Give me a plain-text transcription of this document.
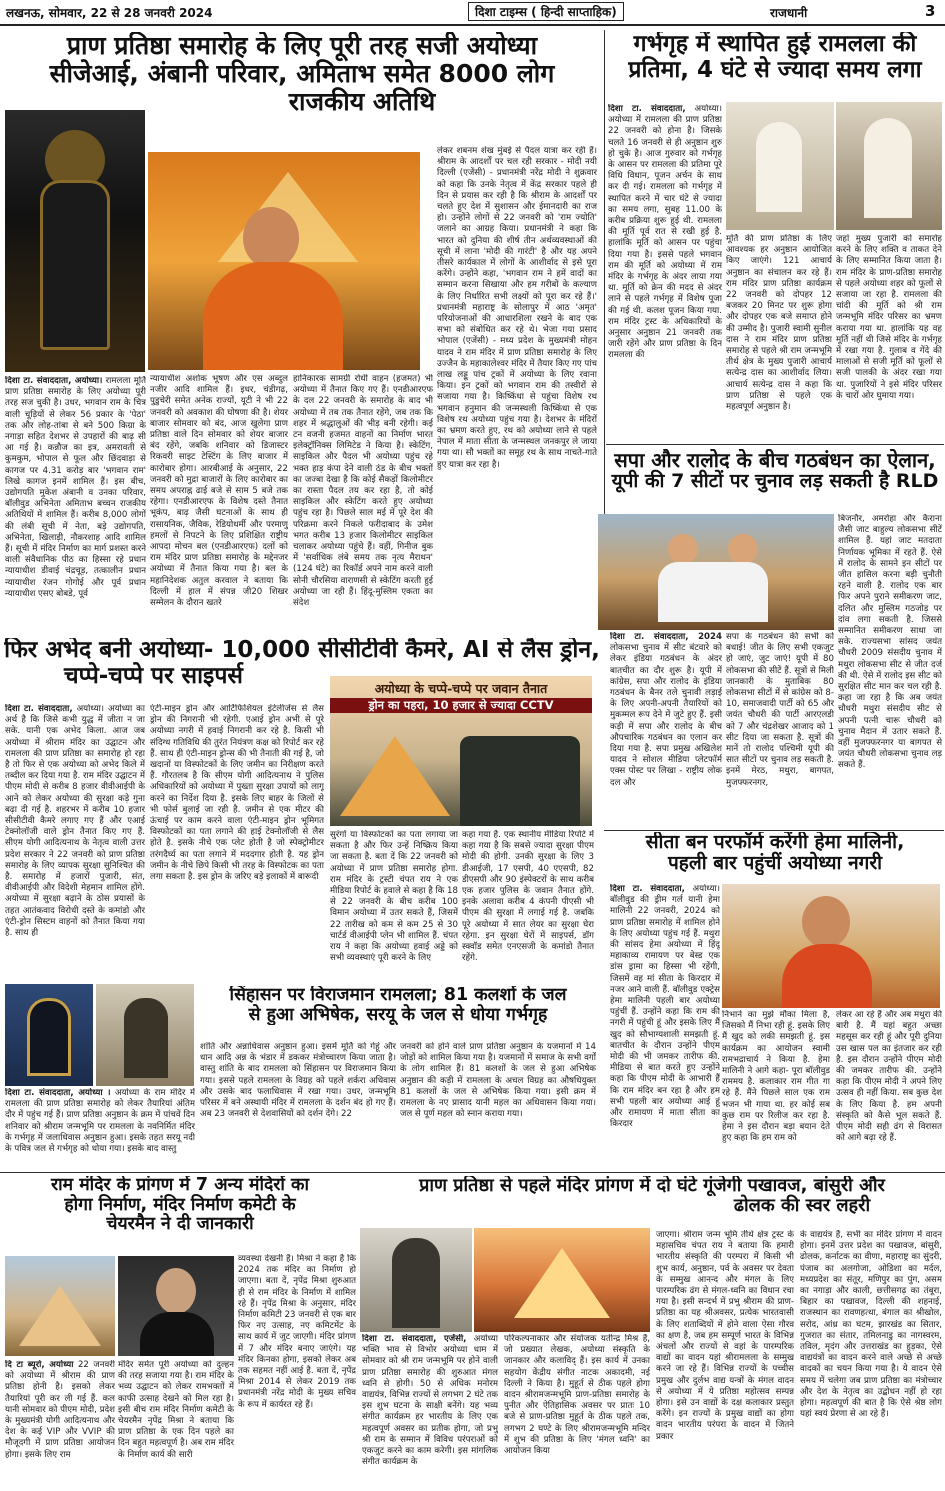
लखनऊ, सोमवार, 22 से 28 जनवरी 2024	दिशा टाइम्स ( हिन्दी साप्ताहिक)	राजधानी	3
प्राण प्रतिष्ठा समारोह के लिए पूरी तरह सजी अयोध्या
सीजेआई, अंबानी परिवार, अमिताभ समेत 8000 लोग
राजकीय अतिथि
दिशा टा. संवाददाता, अयोध्या। रामलला मूर्ति प्राण प्रतिष्ठा समारोह के लिए अयोध्या पूरी तरह सज चुकी है। उधर, भगवान राम के चित्र वाली चूड़ियों से लेकर 56 प्रकार के 'पेठा' तक और लोह-तांबा से बने 500 किग्रा के नगाड़ा सहित देशभर से उपहारों की बाढ़ सी आ गई है। कन्नौज का इत्र, अमरावती से कुमकुम, भोपाल से फूल और छिंदवाड़ा से कागज पर 4.31 करोड़ बार 'भगवान राम' लिखे कागज इनमें शामिल हैं। इस बीच, उद्योगपति मुकेश अंबानी व उनका परिवार, बॉलीवुड अभिनेता अमिताभ बच्चन राजकीय अतिथियों में शामिल हैं। करीब 8,000 लोगों की लंबी सूची में नेता, बड़े उद्योगपति, अभिनेता, खिलाड़ी, नौकरशाह आदि शामिल हैं। सूची में मंदिर निर्माण का मार्ग प्रशस्त करने वाली संवैधानिक पीठ का हिस्सा रहे प्रधान न्यायाधीश डीवाई चंद्रचूड़, तत्कालीन प्रधान न्यायाधीश रंजन गोगोई और पूर्व प्रधान न्यायाधीश एसए बोबडे, पूर्व
न्यायाधीश अशोक भूषण और एस अब्दुल नजीर आदि शामिल हैं। इधर, चंडीगढ़, पुडुचेरी समेत अनेक राज्यों, यूटी ने भी 22 जनवरी को अवकाश की घोषणा की है। शेयर बाजार सोमवार को बंद, आज खुलेगा प्राण प्रतिष्ठा वाले दिन सोमवार को शेयर बाजार बंद रहेंगे, जबकि शनिवार को डिजास्टर रिकवरी साइट टेस्टिंग के लिए बाजार में कारोबार होगा। आरबीआई के अनुसार, 22 जनवरी को मुद्रा बाजारों के लिए कारोबार का समय अपराह्न ढाई बजे से साम 5 बजे तक रहेगा। एनडीआरएफ के विशेष दस्ते तैनात भूकंप, बाढ़ जैसी घटनाओं के साथ ही रासायनिक, जैविक, रेडियोधर्मी और परमाणु हमलों से निपटने के लिए प्रशिक्षित राष्ट्रीय आपदा मोचन बल (एनडीआरएफ) दलों को राम मंदिर प्राण प्रतिष्ठा समारोह के मद्देनजर अयोध्या में तैनात किया गया है। बल के महानिदेशक अतुल करवाल ने बताया कि दिल्ली में हाल में संपन्न जी20 शिखर सम्मेलन के दौरान खतरे
हानिकारक सामग्री रोधी वाहन (हजमत) भी अयोध्या में तैनात किए गए हैं। एनडीआरएफ के दल 22 जनवरी के समारोह के बाद भी अयोध्या में तब तक तैनात रहेंगे, जब तक कि शहर में श्रद्धालुओं की भीड़ बनी रहेगी। कई टन वजनी हजमत वाहनों का निर्माण भारत इलेक्ट्रॉनिक्स लिमिटेड ने किया है। स्केटिंग, साइकिल और पैदल भी अयोध्या पहुंच रहे भक्त हाड़ कंपा देने वाली ठंड के बीच भक्तों का जज्बा देखा है कि कोई सैकड़ों किलोमीटर का रास्ता पैदल तय कर रहा है, तो कोई साइकिल और स्केटिंग करते हुए अयोध्या पहुंच रहा है। पिछले साल मई में पूरे देश की परिक्रमा करने निकले फरीदाबाद के उमेश भगत करीब 13 हजार किलोमीटर साइकिल चलाकर अयोध्या पहुंचे हैं। वहीं, गिनीज बुक में 'सर्वाधिक लंबे समय तक नृत्य मैराथन' (124 घंटे) का रिकॉर्ड अपने नाम करने वाली सोनी चौरसिया वाराणसी से स्केटिंग करती हुई अयोध्या जा रही हैं। हिंदू-मुस्लिम एकता का संदेश
लेकर शबनम शेख मुंबई से पैदल यात्रा कर रही हैं। श्रीराम के आदर्शों पर चल रही सरकार - मोदी नयी दिल्ली (एजेंसी) - प्रधानमंत्री नरेंद्र मोदी ने शुक्रवार को कहा कि उनके नेतृत्व में केंद्र सरकार पहले ही दिन से प्रयास कर रही है कि श्रीराम के आदर्शों पर चलते हुए देश में सुशासन और ईमानदारी का राज हो। उन्होंने लोगों से 22 जनवरी को 'राम ज्योति' जलाने का आग्रह किया। प्रधानमंत्री ने कहा कि भारत को दुनिया की शीर्ष तीन अर्थव्यवस्थाओं की सूची में लाना 'मोदी की गारंटी' है और यह अपने तीसरे कार्यकाल में लोगों के आशीर्वाद से इसे पूरा करेंगे। उन्होंने कहा, 'भगवान राम ने हमें वादों का सम्मान करना सिखाया और हम गरीबों के कल्याण के लिए निर्धारित सभी लक्ष्यों को पूरा कर रहे हैं।' प्रधानमंत्री महाराष्ट्र के सोलापुर में आठ 'अमृत' परियोजनाओं की आधारशिला रखने के बाद एक सभा को संबोधित कर रहे थे। भेजा गया प्रसाद भोपाल (एजेंसी) - मध्य प्रदेश के मुख्यमंत्री मोहन यादव ने राम मंदिर में प्राण प्रतिष्ठा समारोह के लिए उज्जैन के महाकालेश्वर मंदिर में तैयार किए गए पांच लाख लड्डू पांच ट्रकों में अयोध्या के लिए रवाना किया। इन ट्रकों को भगवान राम की तस्वीरों से सजाया गया है। किष्किंधा से पहुंचा विशेष रथ भगवान हनुमान की जन्मस्थली किष्किंधा से एक विशेष रथ अयोध्या पहुंच गया है। देशभर के मंदिरों का भ्रमण करते हुए, रथ को अयोध्या लाने से पहले नेपाल में माता सीता के जन्मस्थल जनकपुर ले जाया गया था। सौ भक्तों का समूह रथ के साथ नाचते-गाते हुए यात्रा कर रहा है।
गर्भगृह में स्थापित हुई रामलला की
प्रतिमा, 4 घंटे से ज्यादा समय लगा
दिशा टा. संवाददाता, अयोध्या। अयोध्या में रामलला की प्राण प्रतिष्ठा 22 जनवरी को होना है। जिसके चलते 16 जनवरी से ही अनुष्ठान शुरु हो चुके है। आज गुरुवार को गर्भगृह के आसन पर रामलला की प्रतिमा पूरे विधि विधान, पूजन अर्चन के साथ कर दी गई। रामलला को गर्भगृह में स्थापित करने में चार घंटे से ज्यादा का समय लगा, सुबह 11.00 के करीब प्रक्रिया शुरू हुई थी. रामलला की मूर्ति पूर्व रात से रखी हुई है. हालांकि मूर्ति को आसन पर पहुंचा दिया गया है। इससे पहले भगवान राम की मूर्ति को अयोध्या में राम मंदिर के गर्भगृह के अंदर लाया गया था. मूर्ति को क्रेन की मदद से अंदर लाने से पहले गर्भगृह में विशेष पूजा की गई थी. कलश पूजन किया गया. राम मंदिर ट्रस्ट के अधिकारियों के अनुसार अनुष्ठान 21 जनवरी तक जारी रहेंगे और प्राण प्रतिष्ठा के दिन रामलला की
मूर्ति की प्राण प्रतिष्ठा के लिए आवश्यक हर अनुष्ठान आयोजित किए जाएंगे। 121 आचार्य अनुष्ठान का संचालन कर रहे हैं। राम मंदिर प्राण प्रतिष्ठा कार्यक्रम 22 जनवरी को दोपहर 12 बजकर 20 मिनट पर शुरू होगा और दोपहर एक बजे समाप्त होने की उम्मीद है। पुजारी स्वामी सुनील दास ने राम मंदिर प्राण प्रतिष्ठा समारोह से पहले श्री राम जन्मभूमि तीर्थ क्षेत्र के मुख्य पुजारी आचार्य सत्येन्द्र दास का आशीर्वाद लिया। आचार्य सत्येन्द्र दास ने कहा कि प्राण प्रतिष्ठा से पहले एक महत्वपूर्ण अनुष्ठान है।
जहां मुख्य पुजारी को समारोह करने के लिए शक्ति व ताकत देने के लिए सम्मानित किया जाता है। राम मंदिर के प्राण-प्रतिष्ठा समारोह से पहले अयोध्या शहर को फूलों से सजाया जा रहा है. रामलला की चांदी की मूर्ति को श्री राम जन्मभूमि मंदिर परिसर का भ्रमण कराया गया था. हालांकि यह वह मूर्ति नहीं थी जिसे मंदिर के गर्भगृह में रखा गया है. गुलाब व गेंदे की मालाओं से सजी मूर्ति को फूलों से सजी पालकी के अंदर रखा गया था. पुजारियों ने इसे मंदिर परिसर के चारों ओर घुमाया गया।
सपा और रालोद के बीच गठबंधन का ऐलान,
यूपी की 7 सीटों पर चुनाव लड़ सकती है RLD
बिजनौर, अमरोहा और कैराना जैसी जाट बाहुल्य लोकसभा सीटें शामिल हैं. यहां जाट मतदाता निर्णायक भूमिका में रहते हैं. ऐसे में रालोद के सामने इन सीटों पर जीत हासिल करना बड़ी चुनौती रहने वाली है. रालोद एक बार फिर अपने पुराने समीकरण जाट, दलित और मुस्लिम गठजोड़ पर दांव लगा सकती है. जिससे सम्मानित समीकरण साधा जा सके. राज्यसभा सांसद जयंत चौधरी 2009 संसदीय चुनाव में मथुरा लोकसभा सीट से जीत दर्ज की थी. ऐसे में रालोद इस सीट को सुरक्षित सीट मान कर चल रही है. कहा जा रहा है कि अब जयंत चौधरी मथुरा संसदीय सीट से अपनी पत्नी चारू चौधरी को चुनाव मैदान में उतार सकते हैं. वहीं मुजफ्फरनगर या बागपत से जयंत चौधरी लोकसभा चुनाव लड़ सकते हैं.
दिशा टा. संवाददाता, 2024 लोकसभा चुनाव में सीट बंटवारे को लेकर इंडिया गठबंधन के अंदर बातचीत का दौर शुरू है। यूपी में कांग्रेस, सपा और रालोद के इंडिया गठबंधन के बैनर तले चुनावी लड़ाई के लिए अपनी-अपनी तैयारियों को मुकम्मल रूप देने में जुटे हुए हैं. इसी कड़ी में सपा और रालोद के बीच औपचारिक गठबंधन का एलान कर दिया गया है. सपा प्रमुख अखिलेश यादव ने सोशल मीडिया प्लेटफॉर्म एक्स पोस्ट पर लिखा - राष्ट्रीय लोक दल और
सपा के गठबंधन की सभी को बधाई! जीत के लिए सभी एकजुट हो जाएं, जुट जाएं! यूपी में 80 लोकसभा की सीटें हैं. सूत्रों से मिली जानकारी के मुताबिक 80 लोकसभा सीटों में से कांग्रेस को 8-10, समाजवादी पार्टी को 65 और जयंत चौधरी की पार्टी आरएलडी को 7 और चंद्रशेखर आजाद को 1 सीट दिया जा सकता है. सूत्रों की मानें तो रालोद पश्चिमी यूपी की सात सीटों पर चुनाव लड़ सकती है. इनमें मेरठ, मथुरा, बागपत, मुजफ्फरनगर,
फिर अभेद बनी अयोध्या- 10,000 सीसीटीवी कैमरे, AI से लैस ड्रोन,
चप्पे-चप्पे पर साइपर्स	अयोध्या के चप्पे-चप्पे पर जवान तैनात
ड्रोन का पहरा, 10 हजार से ज्यादा CCTV
दिशा टा. संवाददाता, अयोध्या। अयोध्या का अर्थ है कि जिसे कभी युद्ध में जीता न जा सके. यानी एक अभेद किला. आज जब अयोध्या में श्रीराम मंदिर का उद्घाटन और रामलला की प्राण प्रतिष्ठा का समारोह हो रहा है तो फिर से एक अयोध्या को अभेद किले में तब्दील कर दिया गया है. राम मंदिर उद्घाटन में पीएम मोदी से करीब 8 हजार वीवीआईपी के आने को लेकर अयोध्या की सुरक्षा कड़े गुना बढ़ा दी गई है. शहरभर में करीब 10 हजार सीसीटीवी कैमरे लगाए गए हैं और एआई टेक्नोलॉजी वाले ड्रोन तैनात किए गए हैं. सीएम योगी आदित्यनाथ के नेतृत्व वाली उत्तर प्रदेश सरकार ने 22 जनवरी को प्राण प्रतिष्ठा समारोह के लिए व्यापक सुरक्षा सुनिश्चित की है. समारोह में हजारों पुजारी, संत, वीवीआईपी और विदेशी मेहमान शामिल होंगे. अयोध्या में सुरक्षा बढ़ाने के ठोस प्रयासों के तहत आतंकवाद विरोधी दस्ते के कमांडो और एंटी-ड्रोन सिस्टम वाहनों को तैनात किया गया है. साथ ही
एंटी-माइन ड्रोन और आर्टिफिशियल इंटेलीजेंस से लैस ड्रोन की निगरानी भी रहेगी. एआई ड्रोन अभी से पूरे अयोध्या नगरी में हवाई निगरानी कर रहे है. किसी भी संदिग्ध गतिविधि की तुरंत नियंत्रण कक्ष को रिपोर्ट कर रहे हैं. साथ ही एंटी-माइन ड्रोन्स की भी तैनाती की गई है, जो खदानों या विस्फोटकों के लिए जमीन का निरीक्षण करते हैं. गौरतलब है कि सीएम योगी आदित्यनाथ ने पुलिस अधिकारियों को अयोध्या में पुख्ता सुरक्षा उपायों को लागू करने का निर्देश दिया है. इसके लिए बाहर के जिलों से भी फोर्स बुलाई जा रही है. जमीन से एक मीटर की ऊंचाई पर काम करने वाला एंटी-माइन ड्रोन भूमिगत विस्फोटकों का पता लगाने की हाई टेक्नोलॉजी से लैस होते है. इसके नीचे एक प्लेट होती है जो स्पेक्ट्रोमीटर तरंगदैर्घ्य का पता लगाने में मददगार होती है. यह ड्रोन जमीन के नीचे छिपे किसी भी तरह के विस्फोटक का पता लगा सकता है. इस ड्रोन के जरिए बड़े इलाकों में बारूदी
सुरंगों या विस्फोटकों का पता लगाया जा सकता है और फिर उन्हें निष्क्रिय किया जा सकता है. बता दें कि 22 जनवरी को अयोध्या में प्राण प्रतिष्ठा समारोह होगा. राम मंदिर के ट्रस्टी चंपत राय ने एक मीडिया रिपोर्ट के हवाले से कहा है कि 18 से 22 जनवरी के बीच करीब 100 विमान अयोध्या में उतर सकते हैं, जिसमें 22 तारीख को कम से कम 25 से 30 चार्टर्ड वीआईपी प्लेन भी शामिल हैं. चंपत राय ने कहा कि अयोध्या हवाई अड्डे को सभी व्यवस्थाएं पूरी करने के लिए
कहा गया है. एक स्थानीय मीडिया रिपोर्ट में कहा गया है कि सबसे ज्यादा सुरक्षा पीएम मोदी की होगी. उनकी सुरक्षा के लिए 3 डीआईजी, 17 एसपी, 40 एएसपी, 82 डीएसपी और 90 इंस्पेक्टरों के साथ करीब एक हजार पुलिस के जवान तैनात होंगे. इनके अलावा करीब 4 कंपनी पीएसी भी पीएम की सुरक्षा में लगाई गई है. जबकि पूरे अयोध्या में सात लेयर का सुरक्षा घेरा रहेगा. इन सुरक्षा घेरों में साइपर्स, डॉग स्क्वॉड समेत एनएसजी के कमांडो तैनात रहेंगे.
सीता बन परफॉर्म करेंगी हेमा मालिनी,
पहली बार पहुंचीं अयोध्या नगरी
दिशा टा. संवाददाता, अयोध्या। बॉलीवुड की ड्रीम गर्ल यानी हेमा मालिनी 22 जनवरी, 2024 को प्राण प्रतिष्ठा समारोह में शामिल होने के लिए अयोध्या पहुंच गई हैं. मथुरा की सांसद हेमा अयोध्या में हिंदू महाकाव्य रामायण पर बेस्ड एक डांस ड्रामा का हिस्सा भी रहेंगी, जिसमें वह मां सीता के किरदार में नजर आने वाली हैं. बॉलीवुड एक्ट्रेस हेमा मालिनी पहली बार अयोध्या पहुंचीं हैं. उन्होंने कहा कि राम की नगरी में पहुंची हूं और इसके लिए मैं खुद को सौभाग्यशाली समझती हूं. बातचीत के दौरान उन्होंने पीएम मोदी की भी जमकर तारीफ की. मीडिया से बात करते हुए उन्होंने कहा कि पीएम मोदी के आभारी हैं कि राम मंदिर बन रहा है और हम सभी पहली बार अयोध्या आई हूं और रामायण में माता सीता का किरदार
निभाने का मुझे मौका मिला है, जिसको मैं निभा रही हूं. इसके लिए मैं खुद को लकी समझती हूं. इस कार्यक्रम का आयोजन स्वामी रामभद्राचार्य ने किया है. हेमा मालिनी ने आगे कहा- पूरा बॉलीवुड राममय है. कलाकार राम गीत गा रहे हैं. मैंने पिछले साल एक राम भजन भी गाया था. हर कोई सब कुछ राम पर रिलीज कर रहा है. हेमा ने इस दौरान बड़ा बयान देते हुए कहा कि हम राम को
लेकर आ रहे हैं और अब मथुरा की बारी है. मैं यहां बहुत अच्छा महसूस कर रही हूं और पूरी दुनिया उस खास पल का इंतजार कर रही है. इस दौरान उन्होंने पीएम मोदी की जमकर तारीफ की. उन्होंने कहा कि पीएम मोदी ने अपने लिए उत्सव ही नहीं किया. सब कुछ देश के लिए किया है. हम अपनी संस्कृति को कैसे भूल सकते हैं. पीएम मोदी सही ढंग से विरासत को आगे बढ़ा रहे हैं.
सिंहासन पर विराजमान रामलला; 81 कलशों के जल
से हुआ अभिषेक, सरयू के जल से धोया गर्भगृह
दिशा टा. संवाददाता, अयोध्या । अयोध्या के राम मंदिर में रामलला की प्राण प्रतिष्ठा समारोह को लेकर तैयारियां अंतिम दौर में पहुंच गई हैं। प्राण प्रतिष्ठा अनुष्ठान के क्रम में पांचवें दिन शनिवार को श्रीराम जन्मभूमि पर रामलला के नवनिर्मित मंदिर के गर्भगृह में जलाधिवास अनुष्ठान हुआ। इसके तहत सरयू नदी के पवित्र जल से गर्भगृह को धोया गया। इसके बाद वास्तु
शांति और अन्नाधिवास अनुष्ठान हुआ। इसमें मूर्ति को गेहूं और धान आदि अन्न के भंडार में डककर मंत्रोच्चारण किया जाता है। वास्तु शांति के बाद रामलला को सिंहासन पर विराजमान किया गया। इससे पहले रामलला के विग्रह को पहले शर्करा अधिवास और उसके बाद फलाधिवास में रखा गया। उधर, जन्मभूमि परिसर में बने अस्थायी मंदिर में रामलला के दर्शन बंद हो गए हैं। अब 23 जनवरी से देशवासियों को दर्शन देंगे। 22
जनवरी को होने वाले प्राण प्रतिष्ठा अनुष्ठान के यजमानों में 14 जोड़ों को शामिल किया गया है। यजमानों में समाज के सभी वर्गों के लोग शामिल हैं। 81 कलशों के जल से हुआ अभिषेक अनुष्ठान की कड़ी में रामलला के अचल विग्रह का औषधियुक्त 81 कलशों के जल से अभिषेक किया गया। इसी क्रम में रामलला के नए प्रासाद यानी महल का अधिवासन किया गया। जल से पूर्ण महल को स्नान कराया गया।
राम मंदिर के प्रांगण में 7 अन्य मंदिरों का
होगा निर्माण, मंदिर निर्माण कमेटी के
चेयरमैन ने दी जानकारी
दि टा ब्यूरो, अयोध्या 22 जनवरी को अयोध्या में श्रीराम की प्राण प्रतिष्ठा होनी है। इसको लेकर तैयारियां पूरी कर ली गई हैं. कल यानी सोमवार को पीएम मोदी, प्रदेश के मुख्यमंत्री योगी आदित्यनाथ और देश के कई VIP और VVIP की मौजूदगी में प्राण प्रतिष्ठा आयोजन होगा। इसके लिए राम
मंदिर समेत पूरी अयोध्या को दुल्हन की तरह सजाया गया है। राम मंदिर के भव्य उद्घाटन को लेकर रामभक्तों में काफी उत्साह देखने को मिल रहा है। इसी बीच राम मंदिर निर्माण कमेटी के चेयरमैन नृपेंद्र मिश्रा ने बताया कि प्राण प्रतिष्ठा के एक दिन पहले का दिन बहुत महत्वपूर्ण है। अब राम मंदिर के निर्माण कार्य की सारी
व्यवस्था देखनी है। मिश्रा ने कहा है कि 2024 तक मंदिर का निर्माण हो जाएगा। बता दें, नृपेंद्र मिश्रा शुरुआत ही से राम मंदिर के निर्माण में शामिल रहे हैं। नृपेंद्र मिश्रा के अनुसार, मंदिर निर्माण कमिटी 23 जनवरी से एक बार फिर नए उत्साह, नए कमिटमेंट के साथ कार्य में जुट जाएगी। मंदिर प्रांगण में 7 और मंदिर बनाए जाएंगे। यह मंदिर किनका होगा, इसको लेकर अब तक सहमत नहीं आई है. बता दें, नृपेंद्र मिश्रा 2014 से लेकर 2019 तक प्रधानमंत्री नरेंद्र मोदी के मुख्य सचिव के रूप में कार्यरत रहे हैं।
प्राण प्रतिष्ठा से पहले मंदिर प्रांगण में दो घंटे गूंजेगी पखावज, बांसुरी और
ढोलक की स्वर लहरी
दिशा टा. संवाददाता, एजेंसी, अयोध्या भक्ति भाव से विभोर अयोध्या धाम में सोमवार को श्री राम जन्मभूमि पर होने वाली प्राण प्रतिष्ठा समारोह की शुरुआत मंगल ध्वनि से होगी। 50 से अधिक मनोरम वाद्ययंत्र, विभिन्न राज्यों से लगभग 2 घंटे तक इस शुभ घटना के साक्षी बनेंगे। यह भव्य संगीत कार्यक्रम हर भारतीय के लिए एक महत्वपूर्ण अवसर का प्रतीक होगा, जो प्रभु श्री राम के सम्मान में विविध परंपराओं को एकजुट करने का काम करेगी। इस मांगलिक संगीत कार्यक्रम के
परिकल्पनाकार और संयोजक यतीन्द्र मिश्र हैं, जो प्रख्यात लेखक, अयोध्या संस्कृति के जानकार और कलाविद् हैं। इस कार्य में उनका सहयोग केंद्रीय संगीत नाटक अकादमी, नई दिल्ली ने किया है। मुहूर्त से ठीक पहले होगा वादन श्रीरामजन्मभूमि प्राण-प्रतिष्ठा समारोह के पुनीत और ऐतिहासिक अवसर पर प्रातः 10 बजे से प्राण-प्रतिष्ठा मुहूर्त के ठीक पहले तक, लगभग 2 घण्टे के लिए श्रीरामजन्मभूमि मन्दिर में शुभ की प्रतिष्ठा के लिए 'मंगल ध्वनि' का आयोजन किया
जाएगा। श्रीराम जन्म भूमि तीर्थ क्षेत्र ट्रस्ट के महासचिव चंपत राय ने बताया कि हमारी भारतीय संस्कृति की परम्परा में किसी भी शुभ कार्य, अनुष्ठान, पर्व के अवसर पर देवता के सम्मुख आनन्द और मंगल के लिए पारम्परिक ढंग से मंगल-ध्वनि का विधान रचा गया है। इसी सन्दर्भ में प्रभु श्रीराम की प्राण-प्रतिष्ठा का यह श्रीअवसर, प्रत्येक भारतवासी के लिए शताब्दियों में होने वाला ऐसा गौरव का क्षण है, जब हम सम्पूर्ण भारत के विभिन्न अंचलों और राज्यों से वहां के पारम्परिक वाद्यों का वादन यहां श्रीरामलला के सम्मुख करने जा रहे हैं। विभिन्न राज्यों के पच्चीस प्रमुख और दुर्लभ वाद्य यन्त्रों के मंगल वादन से अयोध्या में ये प्रतिष्ठा महोत्सव सम्पन्न होगा। इसे उन वाद्यों के दक्ष कलाकार प्रस्तुत करेंगे। इन राज्यों के प्रमुख वाद्यों का होगा वादन भारतीय परंपरा के वादन में जितने प्रकार
के वाद्ययंत्र हैं, सभी का मंदिर प्रांगण में वादन होगा। इनमें उत्तर प्रदेश का पखावज, बांसुरी, ढोलक, कर्नाटक का वीणा, महाराष्ट्र का सुंदरी, पंजाब का अलगोजा, ओडिशा का मर्दल, मध्यप्रदेश का संतूर, मणिपुर का पुंग, असम का नगाड़ा और काली, छत्तीसगढ़ का तंबूरा, बिहार का पखावज, दिल्ली की शहनाई, राजस्थान का रावणहत्था, बंगाल का श्रीखोल, सरोद, आंध्र का घटम, झारखंड का सितार, गुजरात का संतार, तमिलनाडु का नागस्वरम, तविल, मृदंग और उत्तराखंड का हुड़का, ऐसे वाद्ययंत्रों का वादन करने वाले अच्छे से अच्छे वादकों का चयन किया गया है। ये वादन ऐसे समय में चलेगा जब प्राण प्रतिष्ठा का मंत्रोच्चार और देश के नेतृत्व का उद्बोधन नहीं हो रहा होगा। महत्वपूर्ण की बात है कि ऐसे श्रेष्ठ लोग यहां स्वयं प्रेरणा से आ रहे हैं।
